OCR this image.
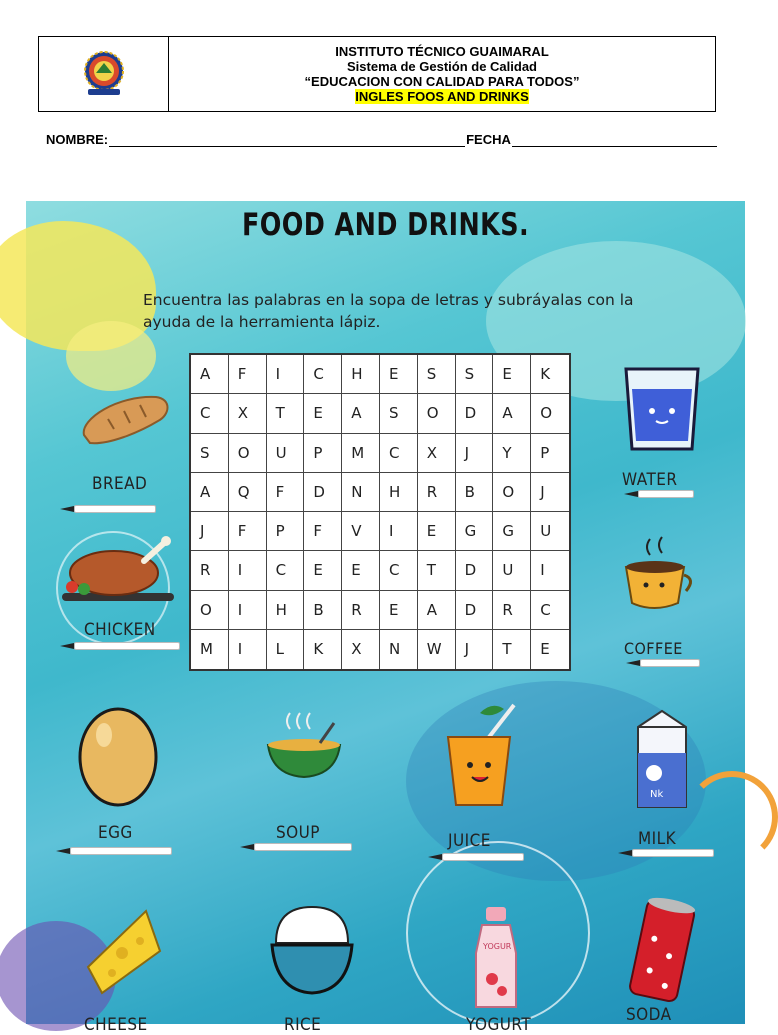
INSTITUTO TÉCNICO GUAIMARAL
Sistema de Gestión de Calidad
“EDUCACION CON CALIDAD PARA TODOS”
INGLES FOOS AND DRINKS
NOMBRE:	FECHA
FOOD AND DRINKS.
Encuentra las palabras en la sopa de letras y subráyalas con la ayuda de la herramienta lápiz.
A	F	I	C	H	E	S	S	E	K
C	X	T	E	A	S	O	D	A	O
S	O	U	P	M	C	X	J	Y	P
A	Q	F	D	N	H	R	B	O	J
J	F	P	F	V	I	E	G	G	U
R	I	C	E	E	C	T	D	U	I
O	I	H	B	R	E	A	D	R	C
M	I	L	K	X	N	W	J	T	E
BREAD
CHICKEN
WATER
COFFEE
EGG	SOUP	JUICE
Nk
MILK
CHEESE	RICE
YOGUR
YOGURT	SODA
